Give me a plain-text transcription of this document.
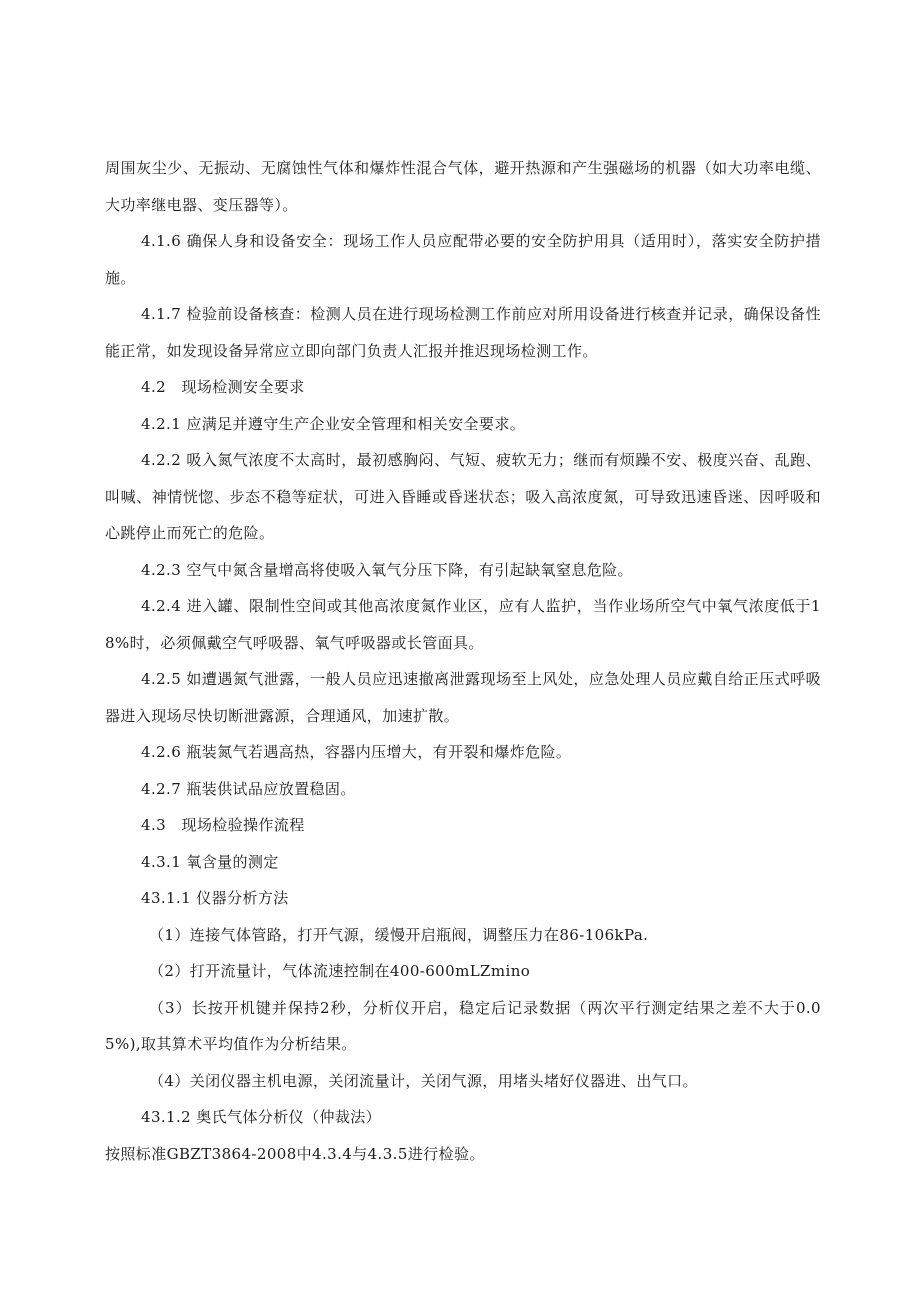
周围灰尘少、无振动、无腐蚀性气体和爆炸性混合气体，避开热源和产生强磁场的机器（如大功率电缆、大功率继电器、变压器等）。

4.1.6 确保人身和设备安全：现场工作人员应配带必要的安全防护用具（适用时），落实安全防护措施。

4.1.7 检验前设备核查：检测人员在进行现场检测工作前应对所用设备进行核查并记录，确保设备性能正常，如发现设备异常应立即向部门负责人汇报并推迟现场检测工作。

4.2　现场检测安全要求

4.2.1 应满足并遵守生产企业安全管理和相关安全要求。

4.2.2 吸入氮气浓度不太高时，最初感胸闷、气短、疲软无力；继而有烦躁不安、极度兴奋、乱跑、叫喊、神情恍惚、步态不稳等症状，可进入昏睡或昏迷状态；吸入高浓度氮，可导致迅速昏迷、因呼吸和心跳停止而死亡的危险。

4.2.3 空气中氮含量增高将使吸入氧气分压下降，有引起缺氧窒息危险。

4.2.4 进入罐、限制性空间或其他高浓度氮作业区，应有人监护，当作业场所空气中氧气浓度低于18%时，必须佩戴空气呼吸器、氧气呼吸器或长管面具。

4.2.5 如遭遇氮气泄露，一般人员应迅速撤离泄露现场至上风处，应急处理人员应戴自给正压式呼吸器进入现场尽快切断泄露源，合理通风，加速扩散。

4.2.6 瓶装氮气若遇高热，容器内压增大，有开裂和爆炸危险。

4.2.7 瓶装供试品应放置稳固。

4.3　现场检验操作流程

4.3.1 氧含量的测定

43.1.1 仪器分析方法

（1）连接气体管路，打开气源，缓慢开启瓶阀，调整压力在86-106kPa.

（2）打开流量计，气体流速控制在400-600mLZmino

（3）长按开机键并保持2秒，分析仪开启，稳定后记录数据（两次平行测定结果之差不大于0.05%),取其算术平均值作为分析结果。

（4）关闭仪器主机电源，关闭流量计，关闭气源，用堵头堵好仪器进、出气口。

43.1.2 奥氏气体分析仪（仲裁法）

按照标准GBZT3864-2008中4.3.4与4.3.5进行检验。
